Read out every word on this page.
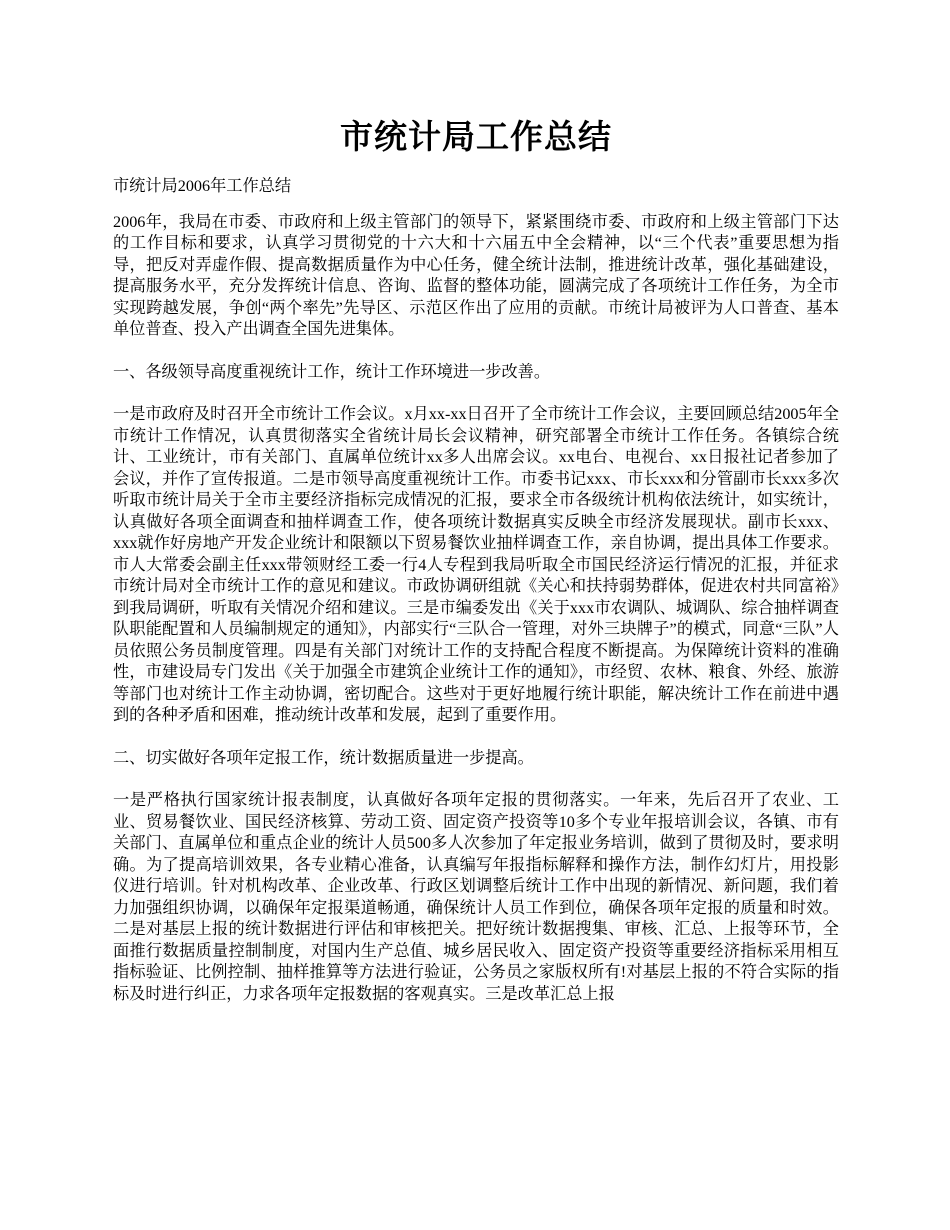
市统计局工作总结

市统计局2006年工作总结

2006年，我局在市委、市政府和上级主管部门的领导下，紧紧围绕市委、市政府和上级主管部门下达的工作目标和要求，认真学习贯彻党的十六大和十六届五中全会精神，以“三个代表”重要思想为指导，把反对弄虚作假、提高数据质量作为中心任务，健全统计法制，推进统计改革，强化基础建设，提高服务水平，充分发挥统计信息、咨询、监督的整体功能，圆满完成了各项统计工作任务，为全市实现跨越发展，争创“两个率先”先导区、示范区作出了应用的贡献。市统计局被评为人口普查、基本单位普查、投入产出调查全国先进集体。

一、各级领导高度重视统计工作，统计工作环境进一步改善。

一是市政府及时召开全市统计工作会议。x月xx-xx日召开了全市统计工作会议，主要回顾总结2005年全市统计工作情况，认真贯彻落实全省统计局长会议精神，研究部署全市统计工作任务。各镇综合统计、工业统计，市有关部门、直属单位统计xx多人出席会议。xx电台、电视台、xx日报社记者参加了会议，并作了宣传报道。二是市领导高度重视统计工作。市委书记xxx、市长xxx和分管副市长xxx多次听取市统计局关于全市主要经济指标完成情况的汇报，要求全市各级统计机构依法统计，如实统计，认真做好各项全面调查和抽样调查工作，使各项统计数据真实反映全市经济发展现状。副市长xxx、xxx就作好房地产开发企业统计和限额以下贸易餐饮业抽样调查工作，亲自协调，提出具体工作要求。市人大常委会副主任xxx带领财经工委一行4人专程到我局听取全市国民经济运行情况的汇报，并征求市统计局对全市统计工作的意见和建议。市政协调研组就《关心和扶持弱势群体，促进农村共同富裕》到我局调研，听取有关情况介绍和建议。三是市编委发出《关于xxx市农调队、城调队、综合抽样调查队职能配置和人员编制规定的通知》，内部实行“三队合一管理，对外三块牌子”的模式，同意“三队”人员依照公务员制度管理。四是有关部门对统计工作的支持配合程度不断提高。为保障统计资料的准确性，市建设局专门发出《关于加强全市建筑企业统计工作的通知》，市经贸、农林、粮食、外经、旅游等部门也对统计工作主动协调，密切配合。这些对于更好地履行统计职能，解决统计工作在前进中遇到的各种矛盾和困难，推动统计改革和发展，起到了重要作用。

二、切实做好各项年定报工作，统计数据质量进一步提高。

一是严格执行国家统计报表制度，认真做好各项年定报的贯彻落实。一年来，先后召开了农业、工业、贸易餐饮业、国民经济核算、劳动工资、固定资产投资等10多个专业年报培训会议，各镇、市有关部门、直属单位和重点企业的统计人员500多人次参加了年定报业务培训，做到了贯彻及时，要求明确。为了提高培训效果，各专业精心准备，认真编写年报指标解释和操作方法，制作幻灯片，用投影仪进行培训。针对机构改革、企业改革、行政区划调整后统计工作中出现的新情况、新问题，我们着力加强组织协调，以确保年定报渠道畅通，确保统计人员工作到位，确保各项年定报的质量和时效。二是对基层上报的统计数据进行评估和审核把关。把好统计数据搜集、审核、汇总、上报等环节，全面推行数据质量控制制度，对国内生产总值、城乡居民收入、固定资产投资等重要经济指标采用相互指标验证、比例控制、抽样推算等方法进行验证，公务员之家版权所有!对基层上报的不符合实际的指标及时进行纠正，力求各项年定报数据的客观真实。三是改革汇总上报
